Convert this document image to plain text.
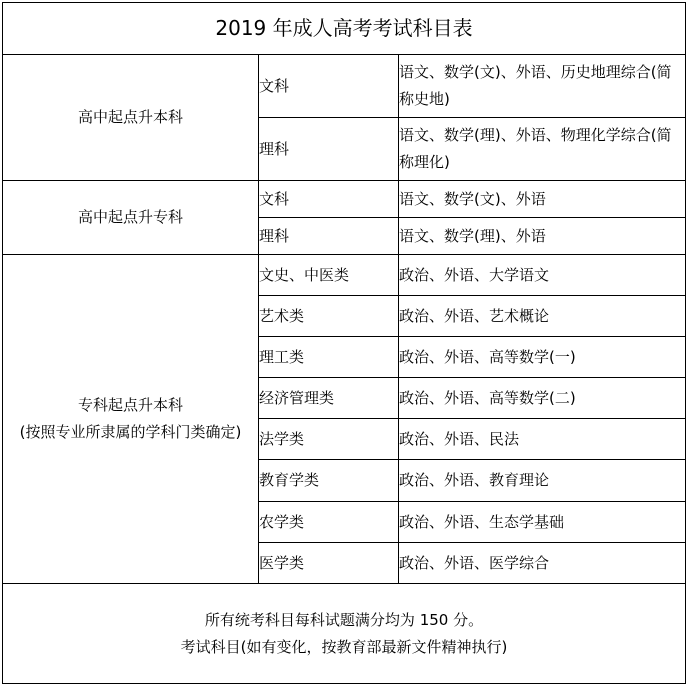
2019 年成人高考考试科目表		
高中起点升本科	文科	语文、数学(文)、外语、历史地理综合(简称史地)
	理科	语文、数学(理)、外语、物理化学综合(简称理化)
高中起点升专科	文科	语文、数学(文)、外语
	理科	语文、数学(理)、外语

专科起点升本科
(按照专业所隶属的学科门类确定)	文史、中医类	政治、外语、大学语文
	艺术类	政治、外语、艺术概论
	理工类	政治、外语、高等数学(一)
	经济管理类	政治、外语、高等数学(二)
	法学类	政治、外语、民法
	教育学类	政治、外语、教育理论
	农学类	政治、外语、生态学基础
	医学类	政治、外语、医学综合

所有统考科目每科试题满分均为 150 分。
考试科目(如有变化，按教育部最新文件精神执行)		
